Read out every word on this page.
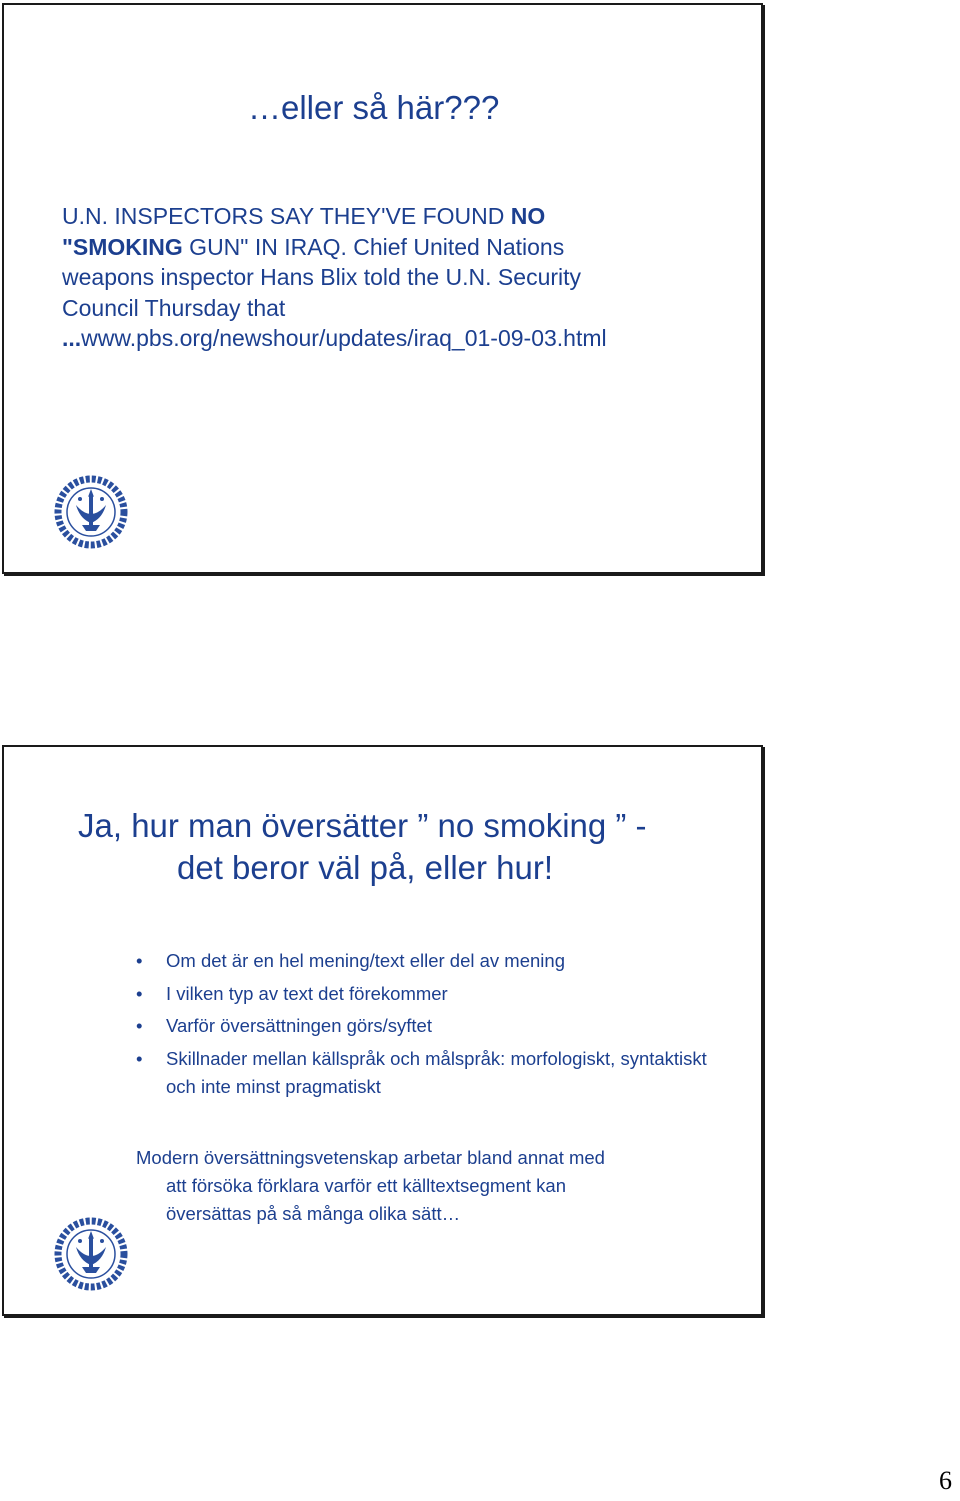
…eller så här???
U.N. INSPECTORS SAY THEY'VE FOUND NO
"SMOKING GUN" IN IRAQ. Chief United Nations
weapons inspector Hans Blix told the U.N. Security
Council Thursday that
...www.pbs.org/newshour/updates/iraq_01-09-03.html
Ja, hur man översätter ” no smoking ” -
det beror väl på, eller hur!
• Om det är en hel mening/text eller del av mening
• I vilken typ av text det förekommer
• Varför översättningen görs/syftet
• Skillnader mellan källspråk och målspråk: morfologiskt, syntaktiskt och inte minst pragmatiskt
Modern översättningsvetenskap arbetar bland annat med
att försöka förklara varför ett källtextsegment kan
översättas på så många olika sätt…
6
